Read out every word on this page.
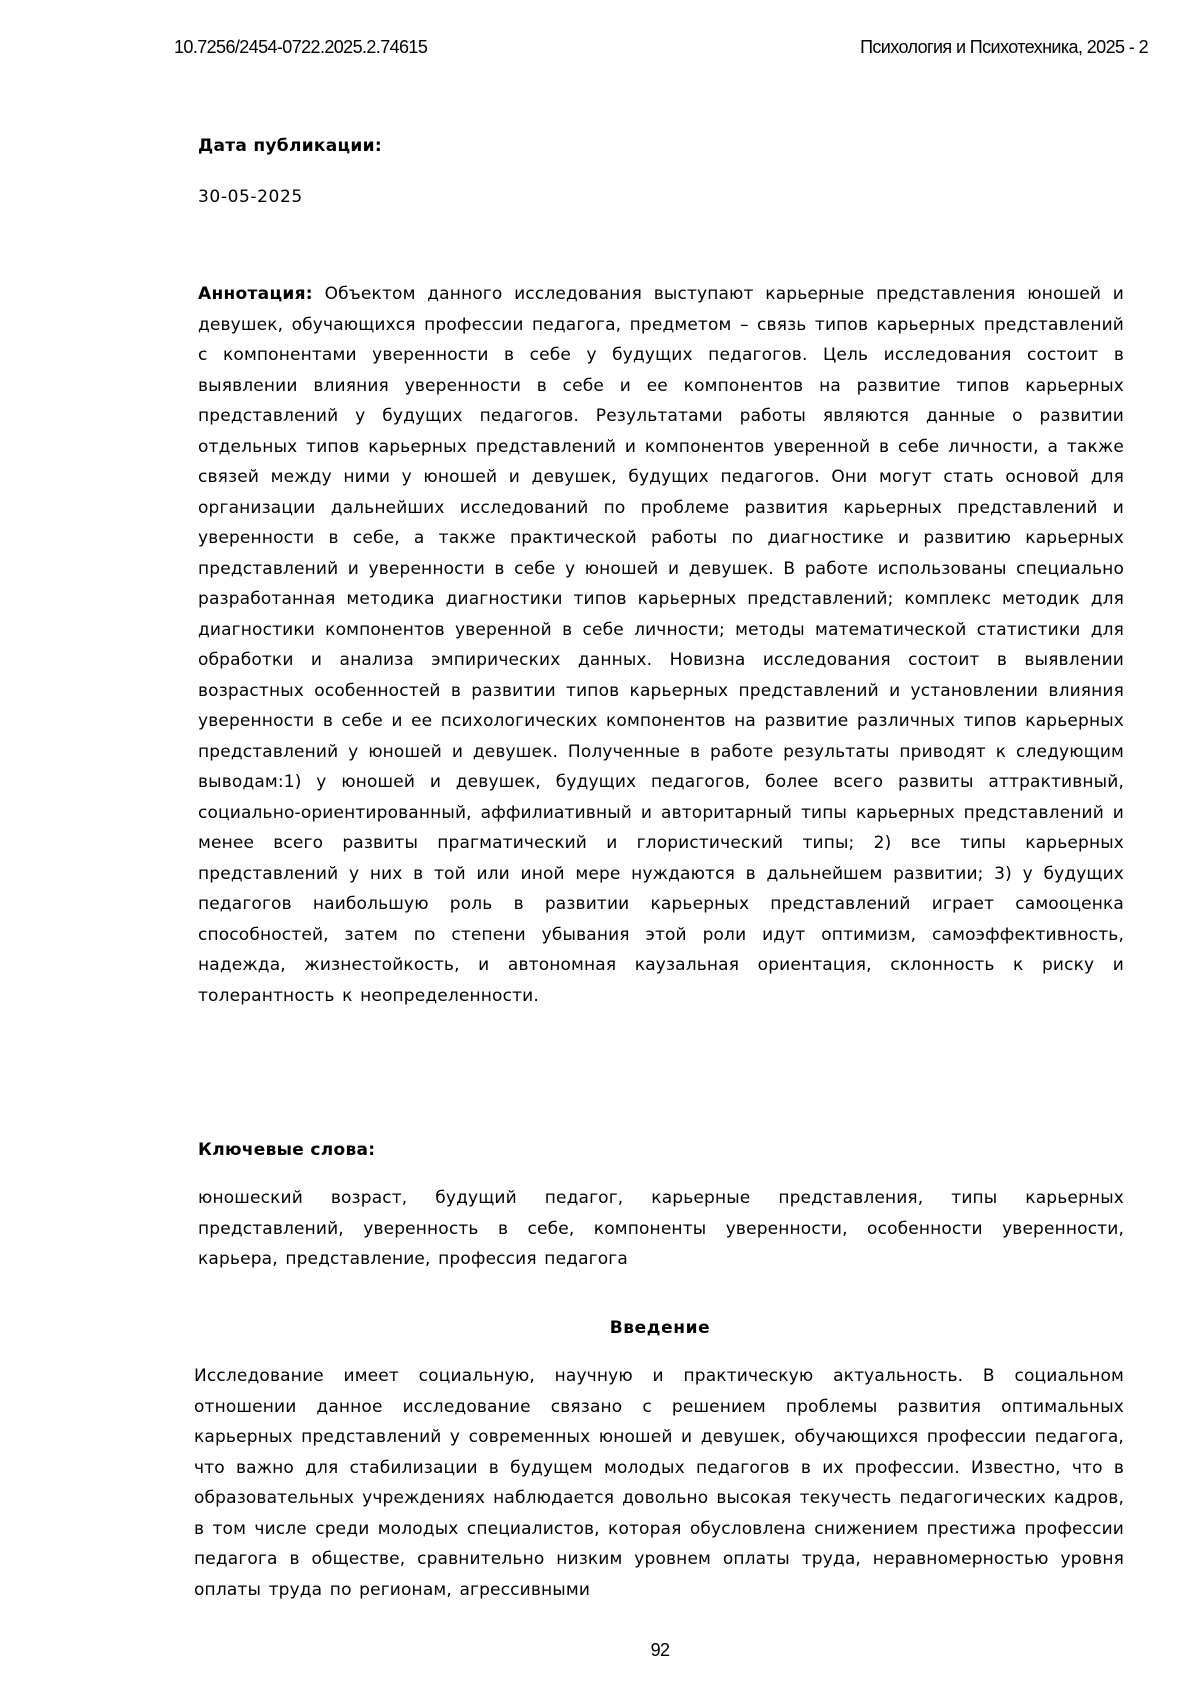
10.7256/2454-0722.2025.2.74615	Психология и Психотехника, 2025 - 2
Дата публикации:
30-05-2025
Аннотация: Объектом данного исследования выступают карьерные представления юношей и девушек, обучающихся профессии педагога, предметом – связь типов карьерных представлений с компонентами уверенности в себе у будущих педагогов. Цель исследования состоит в выявлении влияния уверенности в себе и ее компонентов на развитие типов карьерных представлений у будущих педагогов. Результатами работы являются данные о развитии отдельных типов карьерных представлений и компонентов уверенной в себе личности, а также связей между ними у юношей и девушек, будущих педагогов. Они могут стать основой для организации дальнейших исследований по проблеме развития карьерных представлений и уверенности в себе, а также практической работы по диагностике и развитию карьерных представлений и уверенности в себе у юношей и девушек. В работе использованы специально разработанная методика диагностики типов карьерных представлений; комплекс методик для диагностики компонентов уверенной в себе личности; методы математической статистики для обработки и анализа эмпирических данных. Новизна исследования состоит в выявлении возрастных особенностей в развитии типов карьерных представлений и установлении влияния уверенности в себе и ее психологических компонентов на развитие различных типов карьерных представлений у юношей и девушек. Полученные в работе результаты приводят к следующим выводам:1) у юношей и девушек, будущих педагогов, более всего развиты аттрактивный, социально-ориентированный, аффилиативный и авторитарный типы карьерных представлений и менее всего развиты прагматический и глористический типы; 2) все типы карьерных представлений у них в той или иной мере нуждаются в дальнейшем развитии; 3) у будущих педагогов наибольшую роль в развитии карьерных представлений играет самооценка способностей, затем по степени убывания этой роли идут оптимизм, самоэффективность, надежда, жизнестойкость, и автономная каузальная ориентация, склонность к риску и толерантность к неопределенности.
Ключевые слова:
юношеский возраст, будущий педагог, карьерные представления, типы карьерных представлений, уверенность в себе, компоненты уверенности, особенности уверенности, карьера, представление, профессия педагога
Введение
Исследование имеет социальную, научную и практическую актуальность. В социальном отношении данное исследование связано с решением проблемы развития оптимальных карьерных представлений у современных юношей и девушек, обучающихся профессии педагога, что важно для стабилизации в будущем молодых педагогов в их профессии. Известно, что в образовательных учреждениях наблюдается довольно высокая текучесть педагогических кадров, в том числе среди молодых специалистов, которая обусловлена снижением престижа профессии педагога в обществе, сравнительно низким уровнем оплаты труда, неравномерностью уровня оплаты труда по регионам, агрессивными
92
